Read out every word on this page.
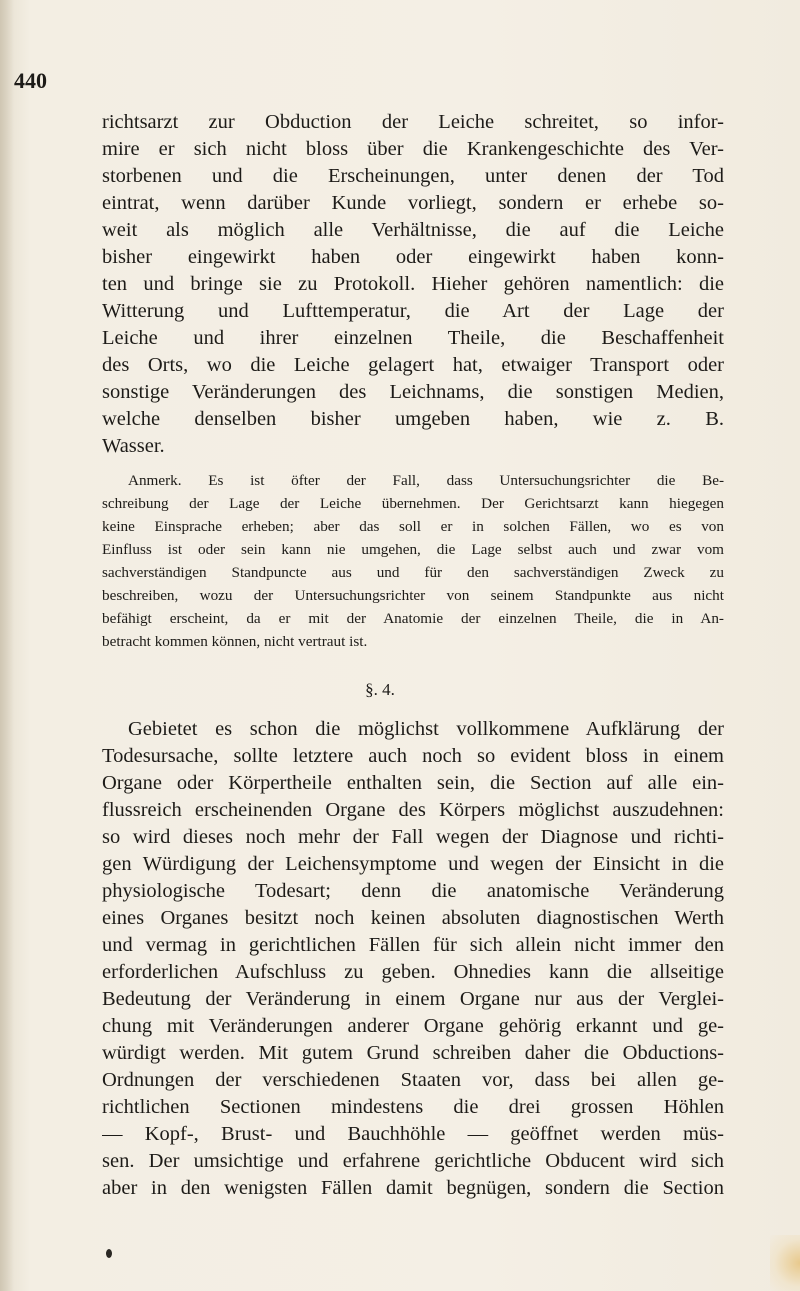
440
richtsarzt zur Obduction der Leiche schreitet, so infor-
mire er sich nicht bloss über die Krankengeschichte des Ver-
storbenen und die Erscheinungen, unter denen der Tod
eintrat, wenn darüber Kunde vorliegt, sondern er erhebe so-
weit als möglich alle Verhältnisse, die auf die Leiche
bisher eingewirkt haben oder eingewirkt haben konn-
ten und bringe sie zu Protokoll. Hieher gehören namentlich: die
Witterung und Lufttemperatur, die Art der Lage der
Leiche und ihrer einzelnen Theile, die Beschaffenheit
des Orts, wo die Leiche gelagert hat, etwaiger Transport oder
sonstige Veränderungen des Leichnams, die sonstigen Medien,
welche denselben bisher umgeben haben, wie z. B.
Wasser.
Anmerk. Es ist öfter der Fall, dass Untersuchungsrichter die Be-
schreibung der Lage der Leiche übernehmen. Der Gerichtsarzt kann hiegegen
keine Einsprache erheben; aber das soll er in solchen Fällen, wo es von
Einfluss ist oder sein kann nie umgehen, die Lage selbst auch und zwar vom
sachverständigen Standpuncte aus und für den sachverständigen Zweck zu
beschreiben, wozu der Untersuchungsrichter von seinem Standpunkte aus nicht
befähigt erscheint, da er mit der Anatomie der einzelnen Theile, die in An-
betracht kommen können, nicht vertraut ist.
§. 4.
Gebietet es schon die möglichst vollkommene Aufklärung der
Todesursache, sollte letztere auch noch so evident bloss in einem
Organe oder Körpertheile enthalten sein, die Section auf alle ein-
flussreich erscheinenden Organe des Körpers möglichst auszudehnen:
so wird dieses noch mehr der Fall wegen der Diagnose und richti-
gen Würdigung der Leichensymptome und wegen der Einsicht in die
physiologische Todesart; denn die anatomische Veränderung
eines Organes besitzt noch keinen absoluten diagnostischen Werth
und vermag in gerichtlichen Fällen für sich allein nicht immer den
erforderlichen Aufschluss zu geben. Ohnedies kann die allseitige
Bedeutung der Veränderung in einem Organe nur aus der Verglei-
chung mit Veränderungen anderer Organe gehörig erkannt und ge-
würdigt werden. Mit gutem Grund schreiben daher die Obductions-
Ordnungen der verschiedenen Staaten vor, dass bei allen ge-
richtlichen Sectionen mindestens die drei grossen Höhlen
— Kopf-, Brust- und Bauchhöhle — geöffnet werden müs-
sen. Der umsichtige und erfahrene gerichtliche Obducent wird sich
aber in den wenigsten Fällen damit begnügen, sondern die Section
